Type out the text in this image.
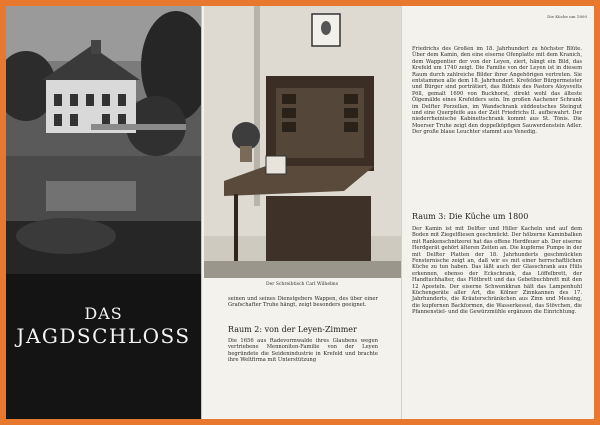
DAS
JAGDSCHLOSS
Der Schreibtisch Carl Wilhelms
seinen und seines Dienstgebers Wappen, des über einer Grafschafter Truhe hängt, zeigt besonders geeignet.
Raum 2: von der Leyen-Zimmer
Die 1656 aus Radevormwalde ihres Glaubens wegen vertriebene Mennoniten-Familie von der Leyen begründete die Seidenindustrie in Krefeld und brachte ihre Weltfirma mit Unterstützung
Die Küche um 1800
Friedrichs des Großen im 18. Jahrhundert zu höchster Blüte. Über dem Kamin, den eine eiserne Ofenplatte mit dem Kranich, dem Wappentier der von der Leyen, ziert, hängt ein Bild, das Krefeld um 1740 zeigt. Die Familie von der Leyen ist in diesem Raum durch zahlreiche Bilder ihrer Angehörigen vertreten. Sie entstammen alle dem 18. Jahrhundert. Krefelder Bürgermeister und Bürger sind porträtiert, das Bildnis des Pastors Aloysvelts Pöll, gemalt 1690 von Buckhorst, direkt wohl das älteste Ölgemälde eines Krefelders sein. Im großen Aachener Schrank im Delfter Porzellan, im Wandschrank süddeutsches Steingut und eine Querpfeife aus der Zeit Friedrichs II. aufbewahrt. Der niederrheinische Kabinettschrank kommt aus St. Tönis. Die Moerser Truhe zeigt den doppelköpfigen Sauwerdenstein Adler. Der große blaue Leuchter stammt aus Venedig.
Raum 3: Die Küche um 1800
Der Kamin ist mit Delfter und Hiller Kacheln und auf dem Boden mit Ziegelfliesen geschmückt. Der hölzerne Kaminbalken mit Rankenschnitzerei hat das offene Herdfeuer ab. Der eiserne Herdgerät gehört älteren Zeiten an. Die kupferne Pumpe in der mit Delfter Platten der 18. Jahrhunderts geschmückten Fensternische zeigt an, daß wir es mit einer herrschaftlichen Küche zu tun haben. Das läßt auch der Glasschrank aus Hüls erkennen, ebenso der Eckschrank, das Löffelbrett, der Handtuchhalter, das Flötbrett und das Gebetbuchbrett mit den 12 Aposteln. Der eiserne Schwenkkran hält das Lampenhuhl Küchengeräte aller Art, die Kölner Zinnkannen des 17. Jahrhunderts, die Kräuterschränkchen aus Zinn und Messing, die kupfernen Backformen, die Wasserkessel, das Stövchen, die Pfannenstiel- und die Gewürzmühle ergänzen die Einrichtung.
